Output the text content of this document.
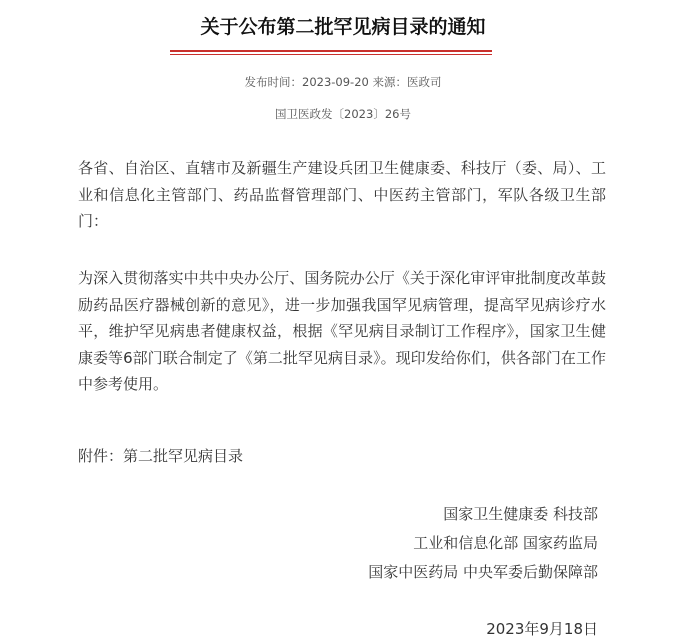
关于公布第二批罕见病目录的通知
发布时间：2023-09-20 来源：医政司
国卫医政发〔2023〕26号

各省、自治区、直辖市及新疆生产建设兵团卫生健康委、科技厅（委、局）、工业和信息化主管部门、药品监督管理部门、中医药主管部门，军队各级卫生部门：

为深入贯彻落实中共中央办公厅、国务院办公厅《关于深化审评审批制度改革鼓励药品医疗器械创新的意见》，进一步加强我国罕见病管理，提高罕见病诊疗水平，维护罕见病患者健康权益，根据《罕见病目录制订工作程序》，国家卫生健康委等6部门联合制定了《第二批罕见病目录》。现印发给你们，供各部门在工作中参考使用。

附件：第二批罕见病目录

国家卫生健康委 科技部
工业和信息化部 国家药监局
国家中医药局 中央军委后勤保障部
2023年9月18日
